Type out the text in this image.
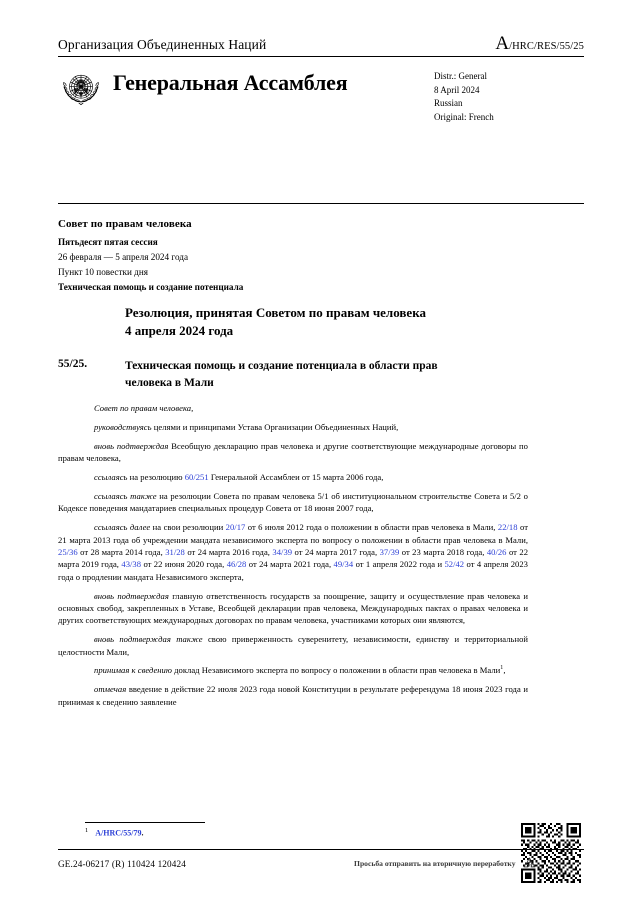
Организация Объединенных Наций	A/HRC/RES/55/25
Генеральная Ассамблея	Distr.: General
8 April 2024
Russian
Original: French
Совет по правам человека
Пятьдесят пятая сессия
26 февраля — 5 апреля 2024 года
Пункт 10 повестки дня
Техническая помощь и создание потенциала
Резолюция, принятая Советом по правам человека
4 апреля 2024 года
55/25.	Техническая помощь и создание потенциала в области прав человека в Мали

Совет по правам человека,

руководствуясь целями и принципами Устава Организации Объединенных Наций,

вновь подтверждая Всеобщую декларацию прав человека и другие соответствующие международные договоры по правам человека,

ссылаясь на резолюцию 60/251 Генеральной Ассамблеи от 15 марта 2006 года,

ссылаясь также на резолюции Совета по правам человека 5/1 об институциональном строительстве Совета и 5/2 о Кодексе поведения мандатариев специальных процедур Совета от 18 июня 2007 года,

ссылаясь далее на свои резолюции 20/17 от 6 июля 2012 года о положении в области прав человека в Мали, 22/18 от 21 марта 2013 года об учреждении мандата независимого эксперта по вопросу о положении в области прав человека в Мали, 25/36 от 28 марта 2014 года, 31/28 от 24 марта 2016 года, 34/39 от 24 марта 2017 года, 37/39 от 23 марта 2018 года, 40/26 от 22 марта 2019 года, 43/38 от 22 июня 2020 года, 46/28 от 24 марта 2021 года, 49/34 от 1 апреля 2022 года и 52/42 от 4 апреля 2023 года о продлении мандата Независимого эксперта,

вновь подтверждая главную ответственность государств за поощрение, защиту и осуществление прав человека и основных свобод, закрепленных в Уставе, Всеобщей декларации прав человека, Международных пактах о правах человека и других соответствующих международных договорах по правам человека, участниками которых они являются,

вновь подтверждая также свою приверженность суверенитету, независимости, единству и территориальной целостности Мали,

принимая к сведению доклад Независимого эксперта по вопросу о положении в области прав человека в Мали$^1$,

отмечая введение в действие 22 июля 2023 года новой Конституции в результате референдума 18 июня 2023 года и принимая к сведению заявление

$^1$ A/HRC/55/79.
GE.24-06217 (R) 110424 120424	Просьба отправить на вторичную переработку
